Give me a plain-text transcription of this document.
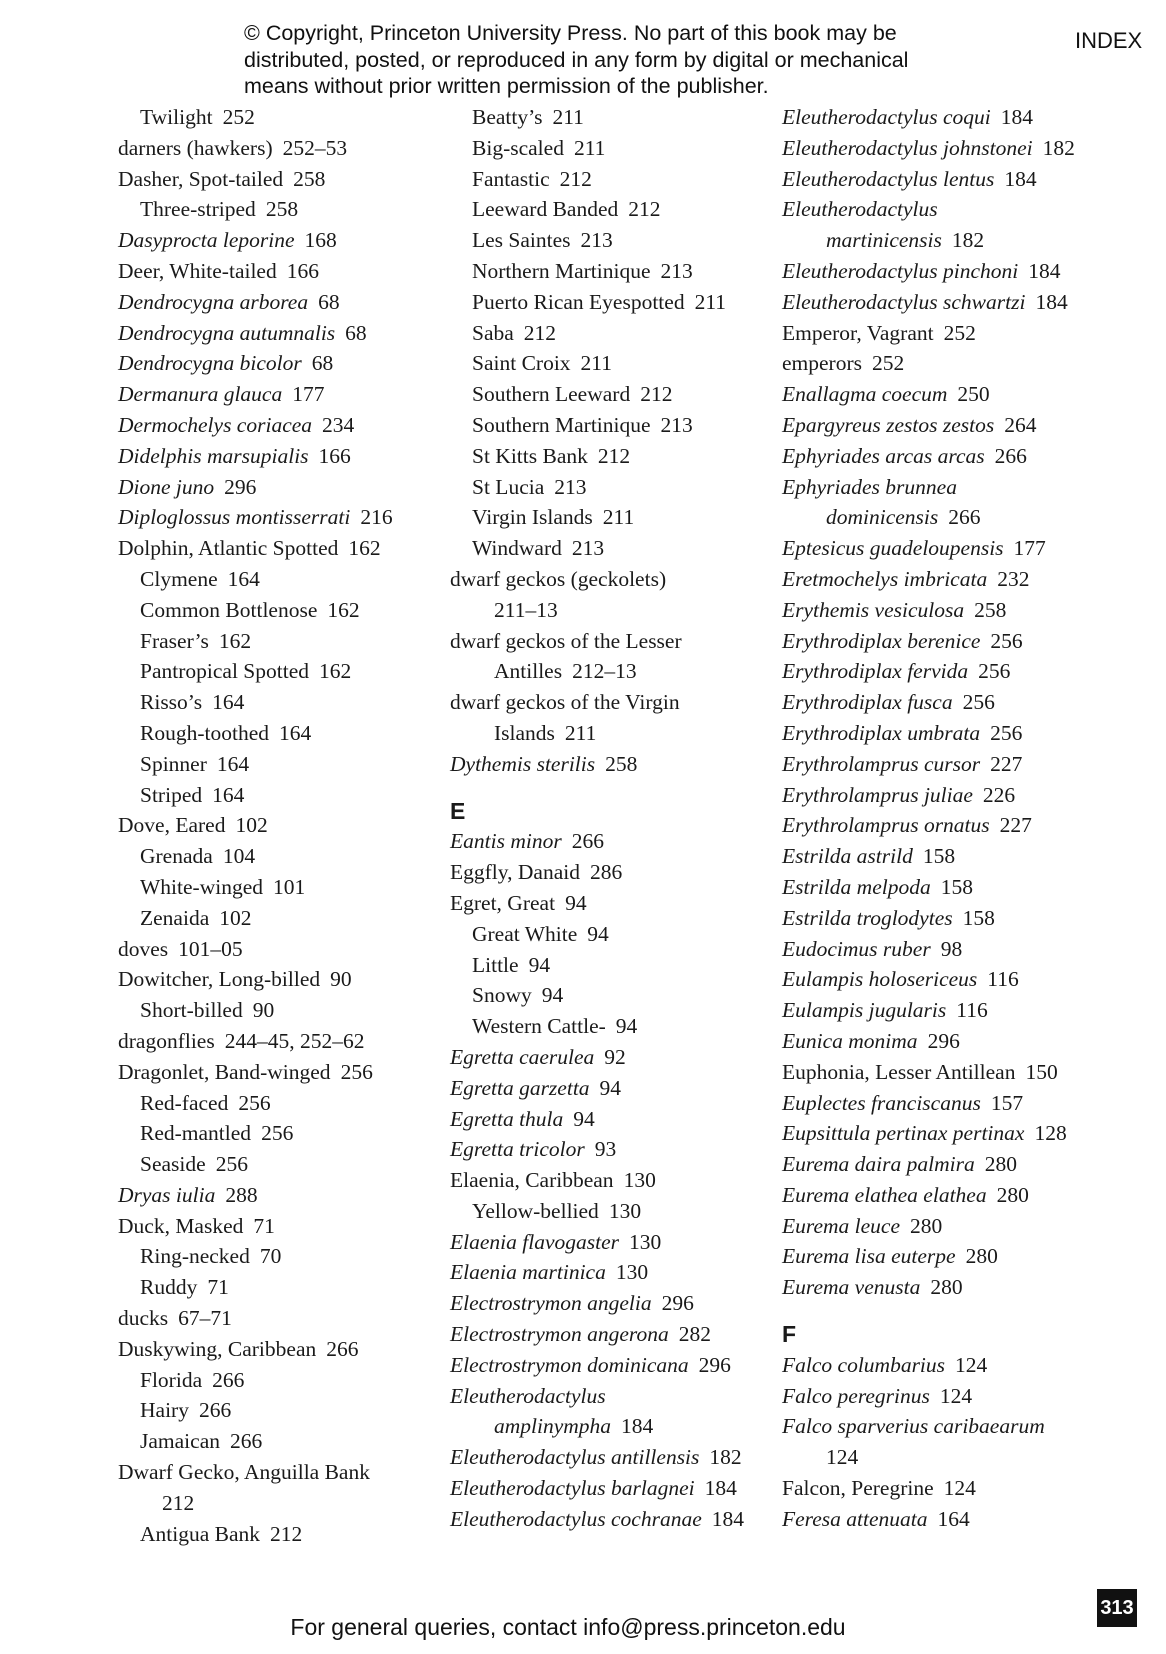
© Copyright, Princeton University Press. No part of this book may be distributed, posted, or reproduced in any form by digital or mechanical means without prior written permission of the publisher.
INDEX
Twilight 252
darners (hawkers) 252–53
Dasher, Spot-tailed 258
Three-striped 258
Dasyprocta leporine 168
Deer, White-tailed 166
Dendrocygna arborea 68
Dendrocygna autumnalis 68
Dendrocygna bicolor 68
Dermanura glauca 177
Dermochelys coriacea 234
Didelphis marsupialis 166
Dione juno 296
Diploglossus montisserrati 216
Dolphin, Atlantic Spotted 162
Clymene 164
Common Bottlenose 162
Fraser’s 162
Pantropical Spotted 162
Risso’s 164
Rough-toothed 164
Spinner 164
Striped 164
Dove, Eared 102
Grenada 104
White-winged 101
Zenaida 102
doves 101–05
Dowitcher, Long-billed 90
Short-billed 90
dragonflies 244–45, 252–62
Dragonlet, Band-winged 256
Red-faced 256
Red-mantled 256
Seaside 256
Dryas iulia 288
Duck, Masked 71
Ring-necked 70
Ruddy 71
ducks 67–71
Duskywing, Caribbean 266
Florida 266
Hairy 266
Jamaican 266
Dwarf Gecko, Anguilla Bank
212
Antigua Bank 212
Beatty’s 211
Big-scaled 211
Fantastic 212
Leeward Banded 212
Les Saintes 213
Northern Martinique 213
Puerto Rican Eyespotted 211
Saba 212
Saint Croix 211
Southern Leeward 212
Southern Martinique 213
St Kitts Bank 212
St Lucia 213
Virgin Islands 211
Windward 213
dwarf geckos (geckolets)
211–13
dwarf geckos of the Lesser
Antilles 212–13
dwarf geckos of the Virgin
Islands 211
Dythemis sterilis 258
E
Eantis minor 266
Eggfly, Danaid 286
Egret, Great 94
Great White 94
Little 94
Snowy 94
Western Cattle- 94
Egretta caerulea 92
Egretta garzetta 94
Egretta thula 94
Egretta tricolor 93
Elaenia, Caribbean 130
Yellow-bellied 130
Elaenia flavogaster 130
Elaenia martinica 130
Electrostrymon angelia 296
Electrostrymon angerona 282
Electrostrymon dominicana 296
Eleutherodactylus
amplinympha 184
Eleutherodactylus antillensis 182
Eleutherodactylus barlagnei 184
Eleutherodactylus cochranae 184
Eleutherodactylus coqui 184
Eleutherodactylus johnstonei 182
Eleutherodactylus lentus 184
Eleutherodactylus
martinicensis 182
Eleutherodactylus pinchoni 184
Eleutherodactylus schwartzi 184
Emperor, Vagrant 252
emperors 252
Enallagma coecum 250
Epargyreus zestos zestos 264
Ephyriades arcas arcas 266
Ephyriades brunnea
dominicensis 266
Eptesicus guadeloupensis 177
Eretmochelys imbricata 232
Erythemis vesiculosa 258
Erythrodiplax berenice 256
Erythrodiplax fervida 256
Erythrodiplax fusca 256
Erythrodiplax umbrata 256
Erythrolamprus cursor 227
Erythrolamprus juliae 226
Erythrolamprus ornatus 227
Estrilda astrild 158
Estrilda melpoda 158
Estrilda troglodytes 158
Eudocimus ruber 98
Eulampis holosericeus 116
Eulampis jugularis 116
Eunica monima 296
Euphonia, Lesser Antillean 150
Euplectes franciscanus 157
Eupsittula pertinax pertinax 128
Eurema daira palmira 280
Eurema elathea elathea 280
Eurema leuce 280
Eurema lisa euterpe 280
Eurema venusta 280
F
Falco columbarius 124
Falco peregrinus 124
Falco sparverius caribaearum
124
Falcon, Peregrine 124
Feresa attenuata 164
313
For general queries, contact info@press.princeton.edu
